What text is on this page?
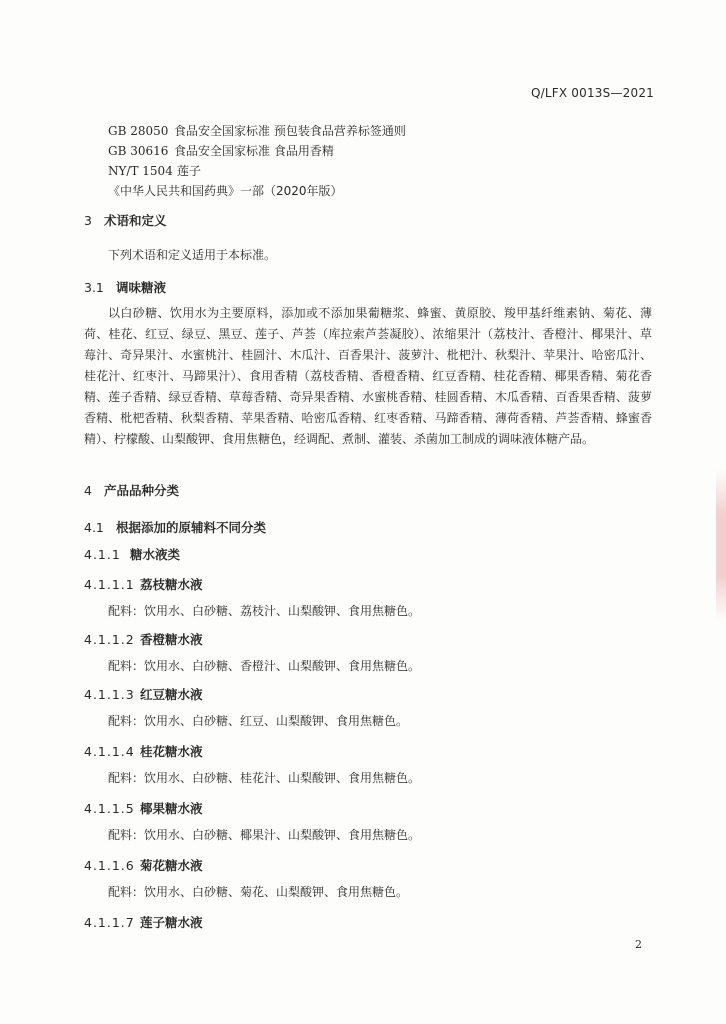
Q/LFX 0013S—2021
GB 28050 食品安全国家标准 预包装食品营养标签通则
GB 30616 食品安全国家标准 食品用香精
NY/T 1504 莲子
《中华人民共和国药典》一部（2020年版）
3 术语和定义

下列术语和定义适用于本标准。

3.1 调味糖液

以白砂糖、饮用水为主要原料，添加或不添加果葡糖浆、蜂蜜、黄原胶、羧甲基纤维素钠、菊花、薄荷、桂花、红豆、绿豆、黑豆、莲子、芦荟（库拉索芦荟凝胶）、浓缩果汁（荔枝汁、香橙汁、椰果汁、草莓汁、奇异果汁、水蜜桃汁、桂圆汁、木瓜汁、百香果汁、菠萝汁、枇杷汁、秋梨汁、苹果汁、哈密瓜汁、桂花汁、红枣汁、马蹄果汁）、食用香精（荔枝香精、香橙香精、红豆香精、桂花香精、椰果香精、菊花香精、莲子香精、绿豆香精、草莓香精、奇异果香精、水蜜桃香精、桂圆香精、木瓜香精、百香果香精、菠萝香精、枇杷香精、秋梨香精、苹果香精、哈密瓜香精、红枣香精、马蹄香精、薄荷香精、芦荟香精、蜂蜜香精）、柠檬酸、山梨酸钾、食用焦糖色，经调配、煮制、灌装、杀菌加工制成的调味液体糖产品。

4 产品品种分类
4.1 根据添加的原辅料不同分类
4.1.1 糖水液类
4.1.1.1 荔枝糖水液
配料：饮用水、白砂糖、荔枝汁、山梨酸钾、食用焦糖色。
4.1.1.2 香橙糖水液
配料：饮用水、白砂糖、香橙汁、山梨酸钾、食用焦糖色。
4.1.1.3 红豆糖水液
配料：饮用水、白砂糖、红豆、山梨酸钾、食用焦糖色。
4.1.1.4 桂花糖水液
配料：饮用水、白砂糖、桂花汁、山梨酸钾、食用焦糖色。
4.1.1.5 椰果糖水液
配料：饮用水、白砂糖、椰果汁、山梨酸钾、食用焦糖色。
4.1.1.6 菊花糖水液
配料：饮用水、白砂糖、菊花、山梨酸钾、食用焦糖色。
4.1.1.7 莲子糖水液
2
